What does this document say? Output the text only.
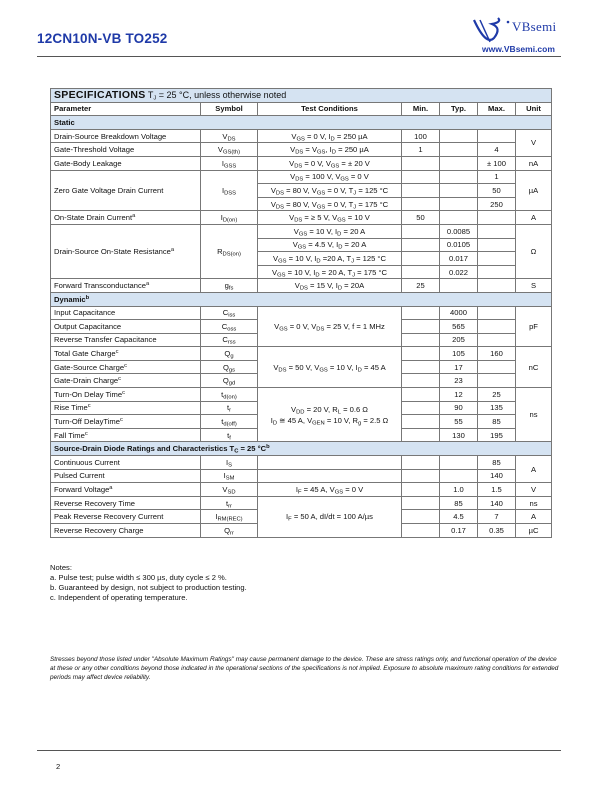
12CN10N-VB TO252
VBsemi
www.VBsemi.com
SPECIFICATIONS $T_J = 25$ °C, unless otherwise noted						
Parameter	Symbol	Test Conditions	Min.	Typ.	Max.	Unit
Static						
Drain-Source Breakdown Voltage	$V_{DS}$	$V_{GS} = 0$ V, $I_D = 250$ µA	100			V
Gate-Threshold Voltage	$V_{GS(th)}$	$V_{DS} = V_{GS}$, $I_D = 250$ µA	1		4	
Gate-Body Leakage	$I_{GSS}$	$V_{DS} = 0$ V, $V_{GS}$ = ± 20 V			± 100	nA
Zero Gate Voltage Drain Current	$I_{DSS}$	$V_{DS} = 100$ V, $V_{GS} = 0$ V			1	µA
		$V_{DS} = 80$ V, $V_{GS} = 0$ V, $T_J = 125$ °C			50	
		$V_{DS} = 80$ V, $V_{GS} = 0$ V, $T_J = 175$ °C			250	
On-State Drain Current$^a$	$I_{D(on)}$	$V_{DS}$ = ≥ 5 V, $V_{GS} = 10$ V	50			A
Drain-Source On-State Resistance$^a$	$R_{DS(on)}$	$V_{GS} = 10$ V, $I_D = 20$ A		0.0085		Ω
		$V_{GS} = 4.5$ V, $I_D = 20$ A		0.0105		
		$V_{GS} = 10$ V, $I_D =20$ A, $T_J = 125$ °C		0.017		
		$V_{GS} = 10$ V, $I_D = 20$ A, $T_J = 175$ °C		0.022		
Forward Transconductance$^a$	$g_{fs}$	$V_{DS} = 15$ V, $I_D = 20A$	25			S
Dynamic$^b$
Input Capacitance	$C_{iss}$	$V_{GS} = 0$ V, $V_{DS} = 25$ V, f = 1 MHz		4000		pF
Output Capacitance	$C_{oss}$			565		
Reverse Transfer Capacitance	$C_{rss}$			205		
Total Gate Charge$^c$	$Q_g$	$V_{DS} = 50$ V, $V_{GS} = 10$ V, $I_D = 45$ A		105	160	nC
Gate-Source Charge$^c$	$Q_{gs}$			17		
Gate-Drain Charge$^c$	$Q_{gd}$			23		
Turn-On Delay Time$^c$	$t_{d(on)}$	$V_{DD} = 20$ V, $R_L = 0.6$ Ω
$I_D$ ≅ 45 A, $V_{GEN} = 10$ V, $R_g = 2.5$ Ω		12	25	ns
Rise Time$^c$	$t_r$			90	135	
Turn-Off DelayTime$^c$	$t_{d(off)}$			55	85	
Fall Time$^c$	$t_f$			130	195	
Source-Drain Diode Ratings and Characteristics $T_C = 25$ $^\circ C^b$
Continuous Current	$I_S$				85	A
Pulsed Current	$I_{SM}$				140	
Forward Voltage$^a$	$V_{SD}$	$I_F = 45$ A, $V_{GS} = 0$ V		1.0	1.5	V
Reverse Recovery Time	$t_{rr}$	$I_F = 50$ A, dI/dt = 100 A/µs		85	140	ns
Peak Reverse Recovery Current	$I_{RM(REC)}$			4.5	7	A
Reverse Recovery Charge	$Q_{rr}$			0.17	0.35	µC
Notes:
a. Pulse test; pulse width ≤ 300 µs, duty cycle ≤ 2 %.
b. Guaranteed by design, not subject to production testing.
c. Independent of operating temperature.
Stresses beyond those listed under "Absolute Maximum Ratings" may cause permanent damage to the device. These are stress ratings only, and functional operation of the device at these or any other conditions beyond those indicated in the operational sections of the specifications is not implied. Exposure to absolute maximum rating conditions for extended periods may affect device reliability.
2
